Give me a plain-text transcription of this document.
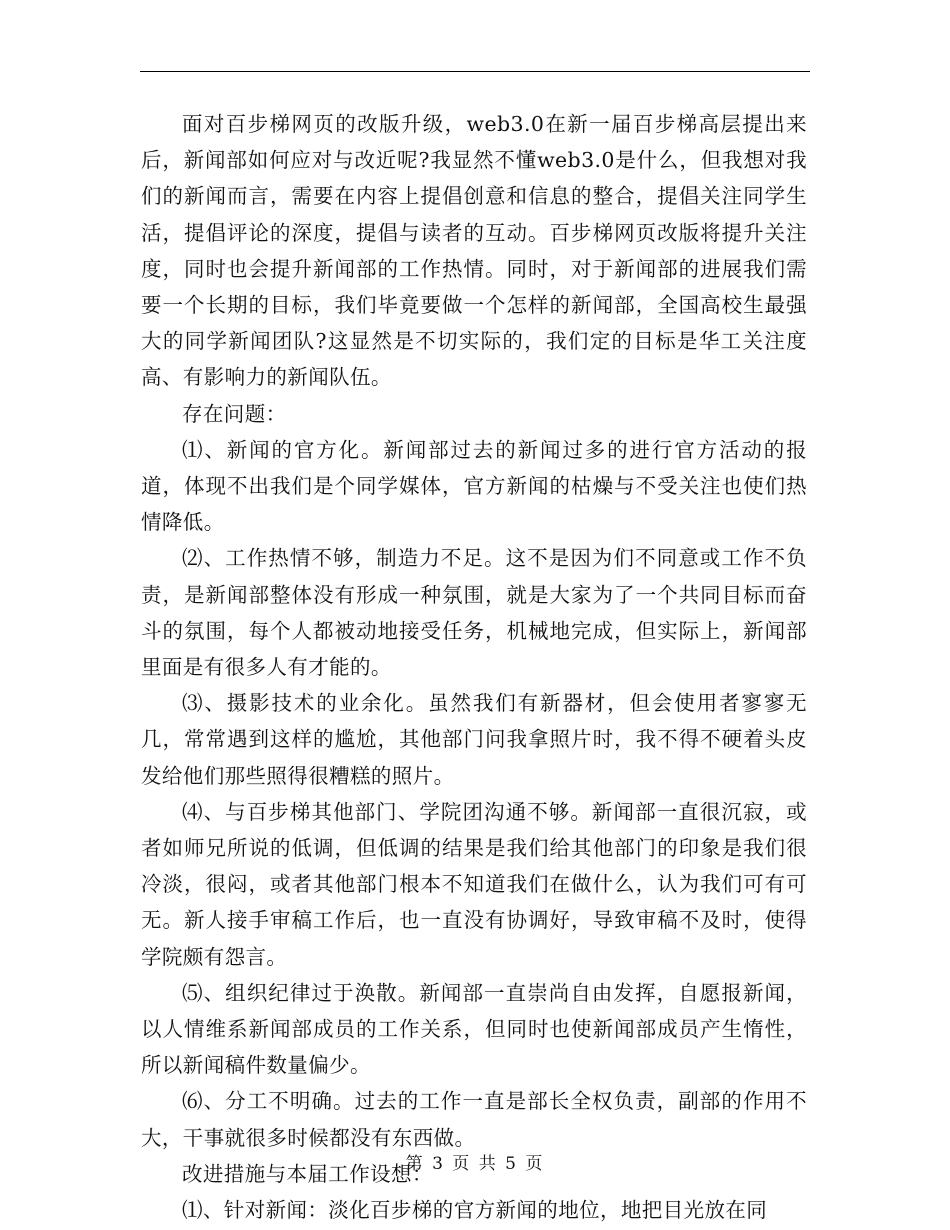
面对百步梯网页的改版升级，web3.0在新一届百步梯高层提出来后，新闻部如何应对与改近呢?我显然不懂web3.0是什么，但我想对我们的新闻而言，需要在内容上提倡创意和信息的整合，提倡关注同学生活，提倡评论的深度，提倡与读者的互动。百步梯网页改版将提升关注度，同时也会提升新闻部的工作热情。同时，对于新闻部的进展我们需要一个长期的目标，我们毕竟要做一个怎样的新闻部，全国高校生最强大的同学新闻团队?这显然是不切实际的，我们定的目标是华工关注度高、有影响力的新闻队伍。

存在问题：

⑴、新闻的官方化。新闻部过去的新闻过多的进行官方活动的报道，体现不出我们是个同学媒体，官方新闻的枯燥与不受关注也使们热情降低。

⑵、工作热情不够，制造力不足。这不是因为们不同意或工作不负责，是新闻部整体没有形成一种氛围，就是大家为了一个共同目标而奋斗的氛围，每个人都被动地接受任务，机械地完成，但实际上，新闻部里面是有很多人有才能的。

⑶、摄影技术的业余化。虽然我们有新器材，但会使用者寥寥无几，常常遇到这样的尴尬，其他部门问我拿照片时，我不得不硬着头皮发给他们那些照得很糟糕的照片。

⑷、与百步梯其他部门、学院团沟通不够。新闻部一直很沉寂，或者如师兄所说的低调，但低调的结果是我们给其他部门的印象是我们很冷淡，很闷，或者其他部门根本不知道我们在做什么，认为我们可有可无。新人接手审稿工作后，也一直没有协调好，导致审稿不及时，使得学院颇有怨言。

⑸、组织纪律过于涣散。新闻部一直崇尚自由发挥，自愿报新闻，以人情维系新闻部成员的工作关系，但同时也使新闻部成员产生惰性，所以新闻稿件数量偏少。

⑹、分工不明确。过去的工作一直是部长全权负责，副部的作用不大，干事就很多时候都没有东西做。

改进措施与本届工作设想：

⑴、针对新闻：淡化百步梯的官方新闻的地位，地把目光放在同

第 3 页 共 5 页
